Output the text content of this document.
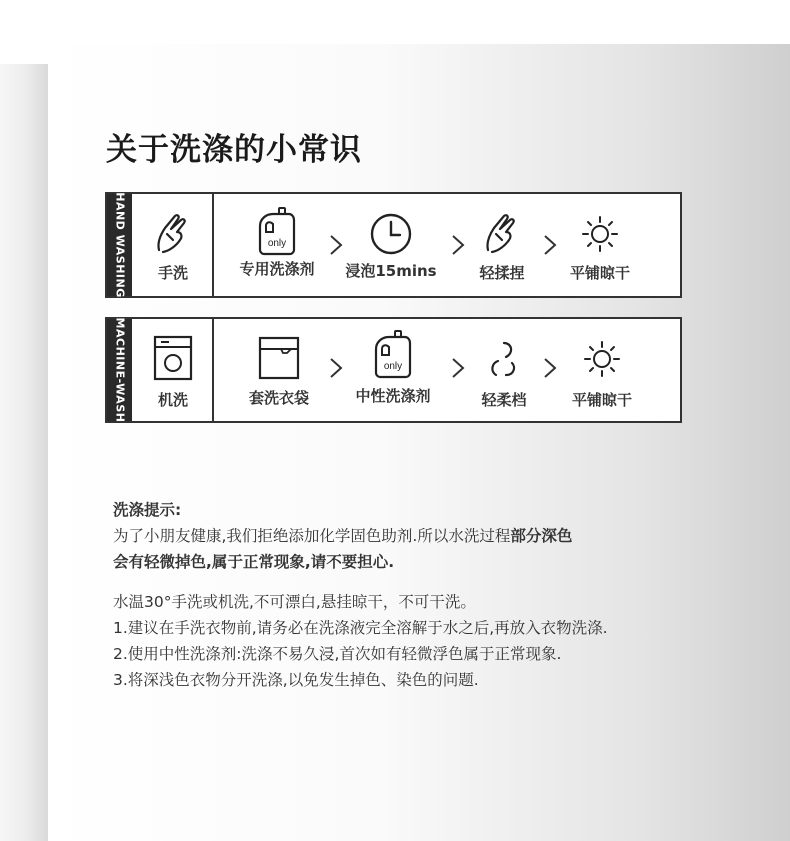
关于洗涤的小常识
HAND WASHING	手洗
only
专用洗涤剂	浸泡15mins	轻揉捏	平铺晾干
MACHINE-WASH	机洗	套洗衣袋
only
中性洗涤剂	轻柔档	平铺晾干
洗涤提示:
为了小朋友健康,我们拒绝添加化学固色助剂.所以水洗过程部分深色
会有轻微掉色,属于正常现象,请不要担心.
水温30°手洗或机洗,不可漂白,悬挂晾干，不可干洗。
1.建议在手洗衣物前,请务必在洗涤液完全溶解于水之后,再放入衣物洗涤.
2.使用中性洗涤剂:洗涤不易久浸,首次如有轻微浮色属于正常现象.
3.将深浅色衣物分开洗涤,以免发生掉色、染色的问题.
